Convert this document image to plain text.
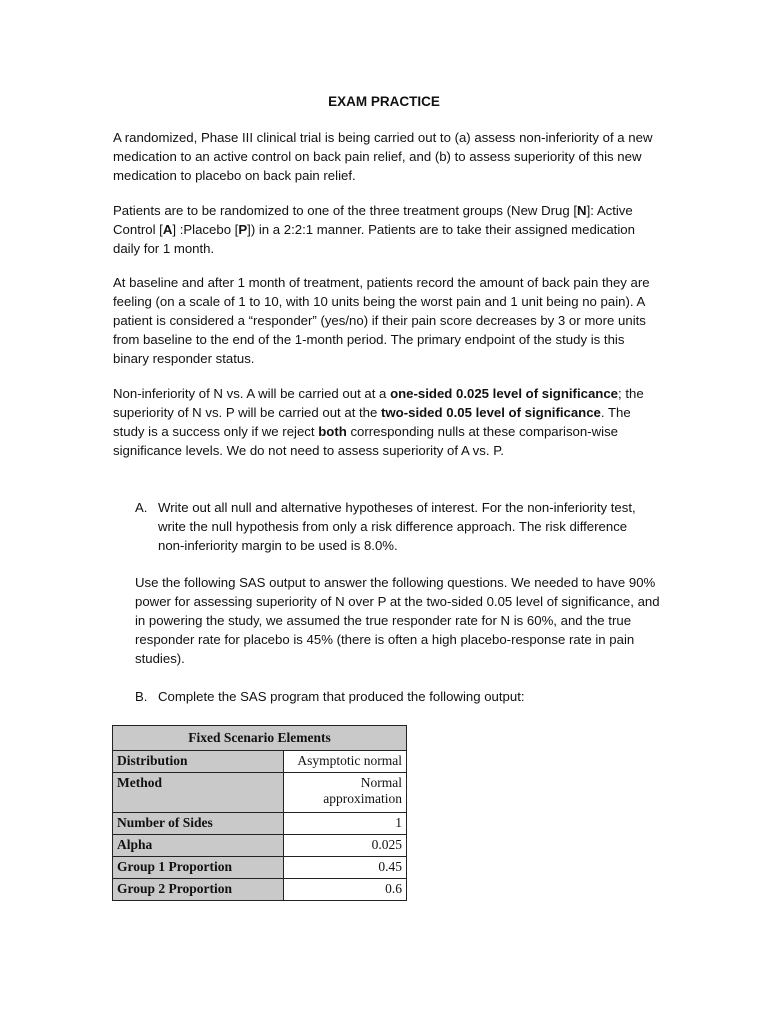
EXAM PRACTICE
A randomized, Phase III clinical trial is being carried out to (a) assess non-inferiority of a new medication to an active control on back pain relief, and (b) to assess superiority of this new medication to placebo on back pain relief.
Patients are to be randomized to one of the three treatment groups (New Drug [N]: Active Control [A] :Placebo [P]) in a 2:2:1 manner. Patients are to take their assigned medication daily for 1 month.
At baseline and after 1 month of treatment, patients record the amount of back pain they are feeling (on a scale of 1 to 10, with 10 units being the worst pain and 1 unit being no pain). A patient is considered a “responder” (yes/no) if their pain score decreases by 3 or more units from baseline to the end of the 1-month period. The primary endpoint of the study is this binary responder status.
Non-inferiority of N vs. A will be carried out at a one-sided 0.025 level of significance; the superiority of N vs. P will be carried out at the two-sided 0.05 level of significance. The study is a success only if we reject both corresponding nulls at these comparison-wise significance levels. We do not need to assess superiority of A vs. P.
A. Write out all null and alternative hypotheses of interest. For the non-inferiority test, write the null hypothesis from only a risk difference approach. The risk difference non-inferiority margin to be used is 8.0%.
Use the following SAS output to answer the following questions. We needed to have 90% power for assessing superiority of N over P at the two-sided 0.05 level of significance, and in powering the study, we assumed the true responder rate for N is 60%, and the true responder rate for placebo is 45% (there is often a high placebo-response rate in pain studies).
B. Complete the SAS program that produced the following output:
Fixed Scenario Elements	
Distribution	Asymptotic normal
Method	Normal approximation
Number of Sides	1
Alpha	0.025
Group 1 Proportion	0.45
Group 2 Proportion	0.6
